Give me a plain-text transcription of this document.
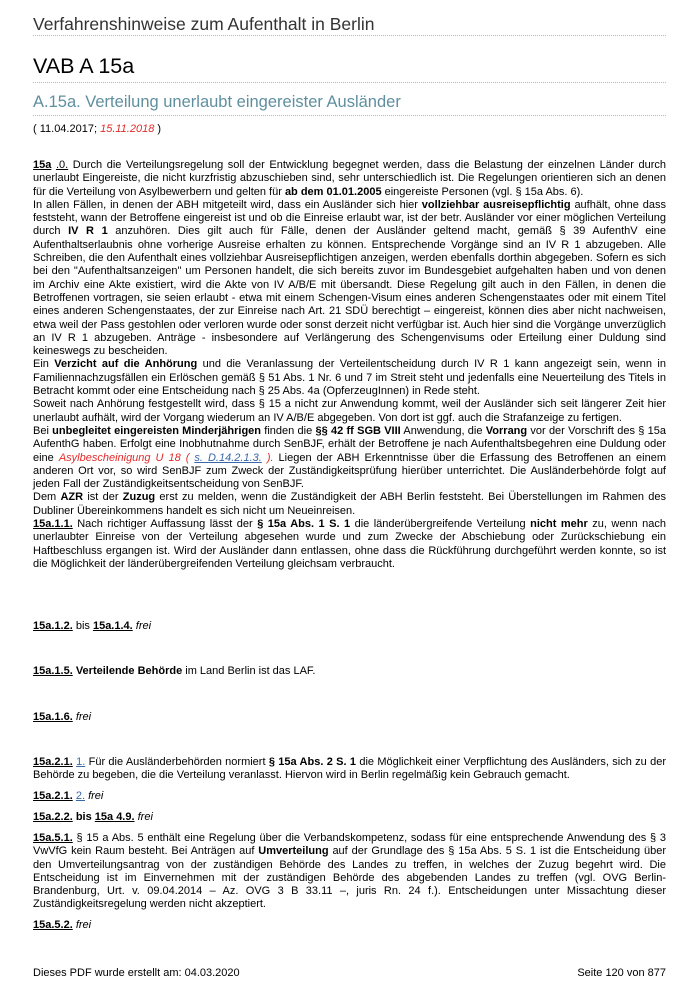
Verfahrenshinweise zum Aufenthalt in Berlin
VAB A 15a
A.15a. Verteilung unerlaubt eingereister Ausländer
( 11.04.2017; 15.11.2018 )

15a .0. Durch die Verteilungsregelung soll der Entwicklung begegnet werden, dass die Belastung der einzelnen Länder durch unerlaubt Eingereiste, die nicht kurzfristig abzuschieben sind, sehr unterschiedlich ist. Die Regelungen orientieren sich an denen für die Verteilung von Asylbewerbern und gelten für ab dem 01.01.2005 eingereiste Personen (vgl. § 15a Abs. 6).

In allen Fällen, in denen der ABH mitgeteilt wird, dass ein Ausländer sich hier vollziehbar ausreisepflichtig aufhält, ohne dass feststeht, wann der Betroffene eingereist ist und ob die Einreise erlaubt war, ist der betr. Ausländer vor einer möglichen Verteilung durch IV R 1 anzuhören. Dies gilt auch für Fälle, denen der Ausländer geltend macht, gemäß § 39 AufenthV eine Aufenthaltserlaubnis ohne vorherige Ausreise erhalten zu können. Entsprechende Vorgänge sind an IV R 1 abzugeben. Alle Schreiben, die den Aufenthalt eines vollziehbar Ausreisepflichtigen anzeigen, werden ebenfalls dorthin abgegeben. Sofern es sich bei den "Aufenthaltsanzeigen" um Personen handelt, die sich bereits zuvor im Bundesgebiet aufgehalten haben und von denen im Archiv eine Akte existiert, wird die Akte von IV A/B/E mit übersandt. Diese Regelung gilt auch in den Fällen, in denen die Betroffenen vortragen, sie seien erlaubt - etwa mit einem Schengen-Visum eines anderen Schengenstaates oder mit einem Titel eines anderen Schengenstaates, der zur Einreise nach Art. 21 SDÜ berechtigt – eingereist, können dies aber nicht nachweisen, etwa weil der Pass gestohlen oder verloren wurde oder sonst derzeit nicht verfügbar ist. Auch hier sind die Vorgänge unverzüglich an IV R 1 abzugeben. Anträge - insbesondere auf Verlängerung des Schengenvisums oder Erteilung einer Duldung sind keineswegs zu bescheiden.

Ein Verzicht auf die Anhörung und die Veranlassung der Verteilentscheidung durch IV R 1 kann angezeigt sein, wenn in Familiennachzugsfällen ein Erlöschen gemäß § 51 Abs. 1 Nr. 6 und 7 im Streit steht und jedenfalls eine Neuerteilung des Titels in Betracht kommt oder eine Entscheidung nach § 25 Abs. 4a (OpferzeugInnen) in Rede steht.

Soweit nach Anhörung festgestellt wird, dass § 15 a nicht zur Anwendung kommt, weil der Ausländer sich seit längerer Zeit hier unerlaubt aufhält, wird der Vorgang wiederum an IV A/B/E abgegeben. Von dort ist ggf. auch die Strafanzeige zu fertigen.

Bei unbegleitet eingereisten Minderjährigen finden die §§ 42 ff SGB VIII Anwendung, die Vorrang vor der Vorschrift des § 15a AufenthG haben. Erfolgt eine Inobhutnahme durch SenBJF, erhält der Betroffene je nach Aufenthaltsbegehren eine Duldung oder eine Asylbescheinigung U 18 ( s. D.14.2.1.3. ). Liegen der ABH Erkenntnisse über die Erfassung des Betroffenen an einem anderen Ort vor, so wird SenBJF zum Zweck der Zuständigkeitsprüfung hierüber unterrichtet. Die Ausländerbehörde folgt auf jeden Fall der Zuständigkeitsentscheidung von SenBJF.

Dem AZR ist der Zuzug erst zu melden, wenn die Zuständigkeit der ABH Berlin feststeht. Bei Überstellungen im Rahmen des Dubliner Übereinkommens handelt es sich nicht um Neueinreisen.

15a.1.1. Nach richtiger Auffassung lässt der § 15a Abs. 1 S. 1 die länderübergreifende Verteilung nicht mehr zu, wenn nach unerlaubter Einreise von der Verteilung abgesehen wurde und zum Zwecke der Abschiebung oder Zurückschiebung ein Haftbeschluss ergangen ist. Wird der Ausländer dann entlassen, ohne dass die Rückführung durchgeführt werden konnte, so ist die Möglichkeit der länderübergreifenden Verteilung gleichsam verbraucht.

15a.1.2. bis 15a.1.4. frei
15a.1.5. Verteilende Behörde im Land Berlin ist das LAF.
15a.1.6. frei
15a.2.1. 1. Für die Ausländerbehörden normiert § 15a Abs. 2 S. 1 die Möglichkeit einer Verpflichtung des Ausländers, sich zu der Behörde zu begeben, die die Verteilung veranlasst. Hiervon wird in Berlin regelmäßig kein Gebrauch gemacht.
15a.2.1. 2. frei
15a.2.2. bis 15a 4.9. frei
15a.5.1. § 15 a Abs. 5 enthält eine Regelung über die Verbandskompetenz, sodass für eine entsprechende Anwendung des § 3 VwVfG kein Raum besteht. Bei Anträgen auf Umverteilung auf der Grundlage des § 15a Abs. 5 S. 1 ist die Entscheidung über den Umverteilungsantrag von der zuständigen Behörde des Landes zu treffen, in welches der Zuzug begehrt wird. Die Entscheidung ist im Einvernehmen mit der zuständigen Behörde des abgebenden Landes zu treffen (vgl. OVG Berlin-Brandenburg, Urt. v. 09.04.2014 – Az. OVG 3 B 33.11 –, juris Rn. 24 f.). Entscheidungen unter Missachtung dieser Zuständigkeitsregelung werden nicht akzeptiert.
15a.5.2. frei
Dieses PDF wurde erstellt am: 04.03.2020	Seite 120 von 877
